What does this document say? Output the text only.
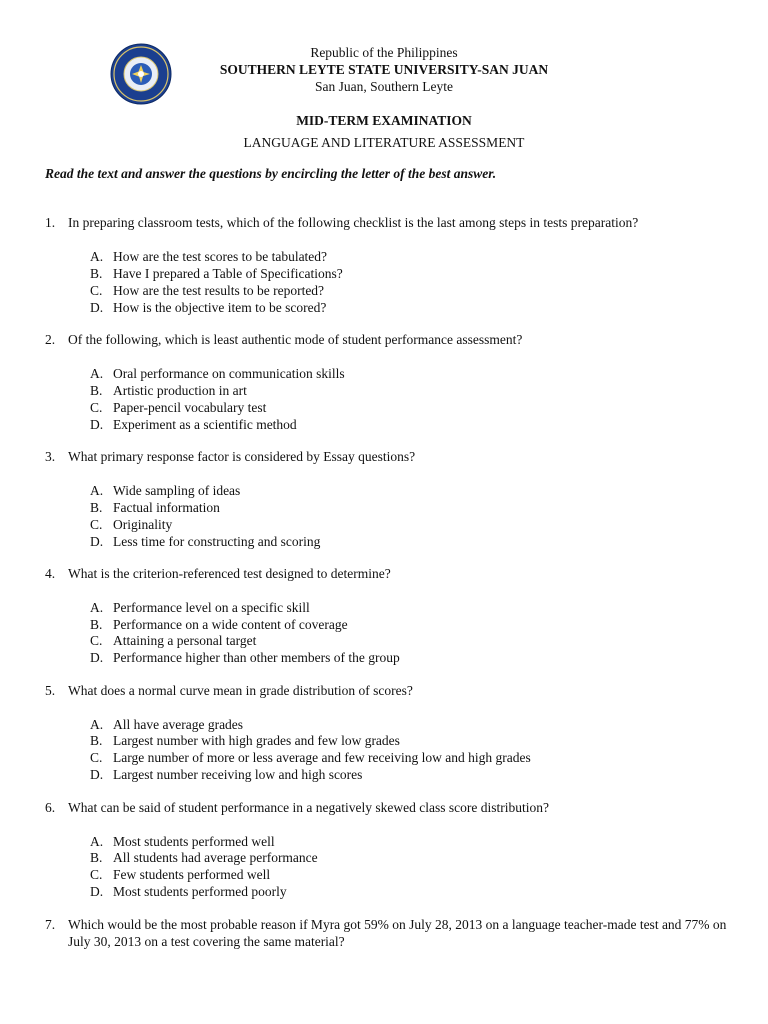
Republic of the Philippines
SOUTHERN LEYTE STATE UNIVERSITY-SAN JUAN
San Juan, Southern Leyte
MID-TERM EXAMINATION
LANGUAGE AND LITERATURE ASSESSMENT
Read the text and answer the questions by encircling the letter of the best answer.
1. In preparing classroom tests, which of the following checklist is the last among steps in tests preparation?
A. How are the test scores to be tabulated?
B. Have I prepared a Table of Specifications?
C. How are the test results to be reported?
D. How is the objective item to be scored?
2. Of the following, which is least authentic mode of student performance assessment?
A. Oral performance on communication skills
B. Artistic production in art
C. Paper-pencil vocabulary test
D. Experiment as a scientific method
3. What primary response factor is considered by Essay questions?
A. Wide sampling of ideas
B. Factual information
C. Originality
D. Less time for constructing and scoring
4. What is the criterion-referenced test designed to determine?
A. Performance level on a specific skill
B. Performance on a wide content of coverage
C. Attaining a personal target
D. Performance higher than other members of the group
5. What does a normal curve mean in grade distribution of scores?
A. All have average grades
B. Largest number with high grades and few low grades
C. Large number of more or less average and few receiving low and high grades
D. Largest number receiving low and high scores
6. What can be said of student performance in a negatively skewed class score distribution?
A. Most students performed well
B. All students had average performance
C. Few students performed well
D. Most students performed poorly
7. Which would be the most probable reason if Myra got 59% on July 28, 2013 on a language teacher-made test and 77% on July 30, 2013 on a test covering the same material?
